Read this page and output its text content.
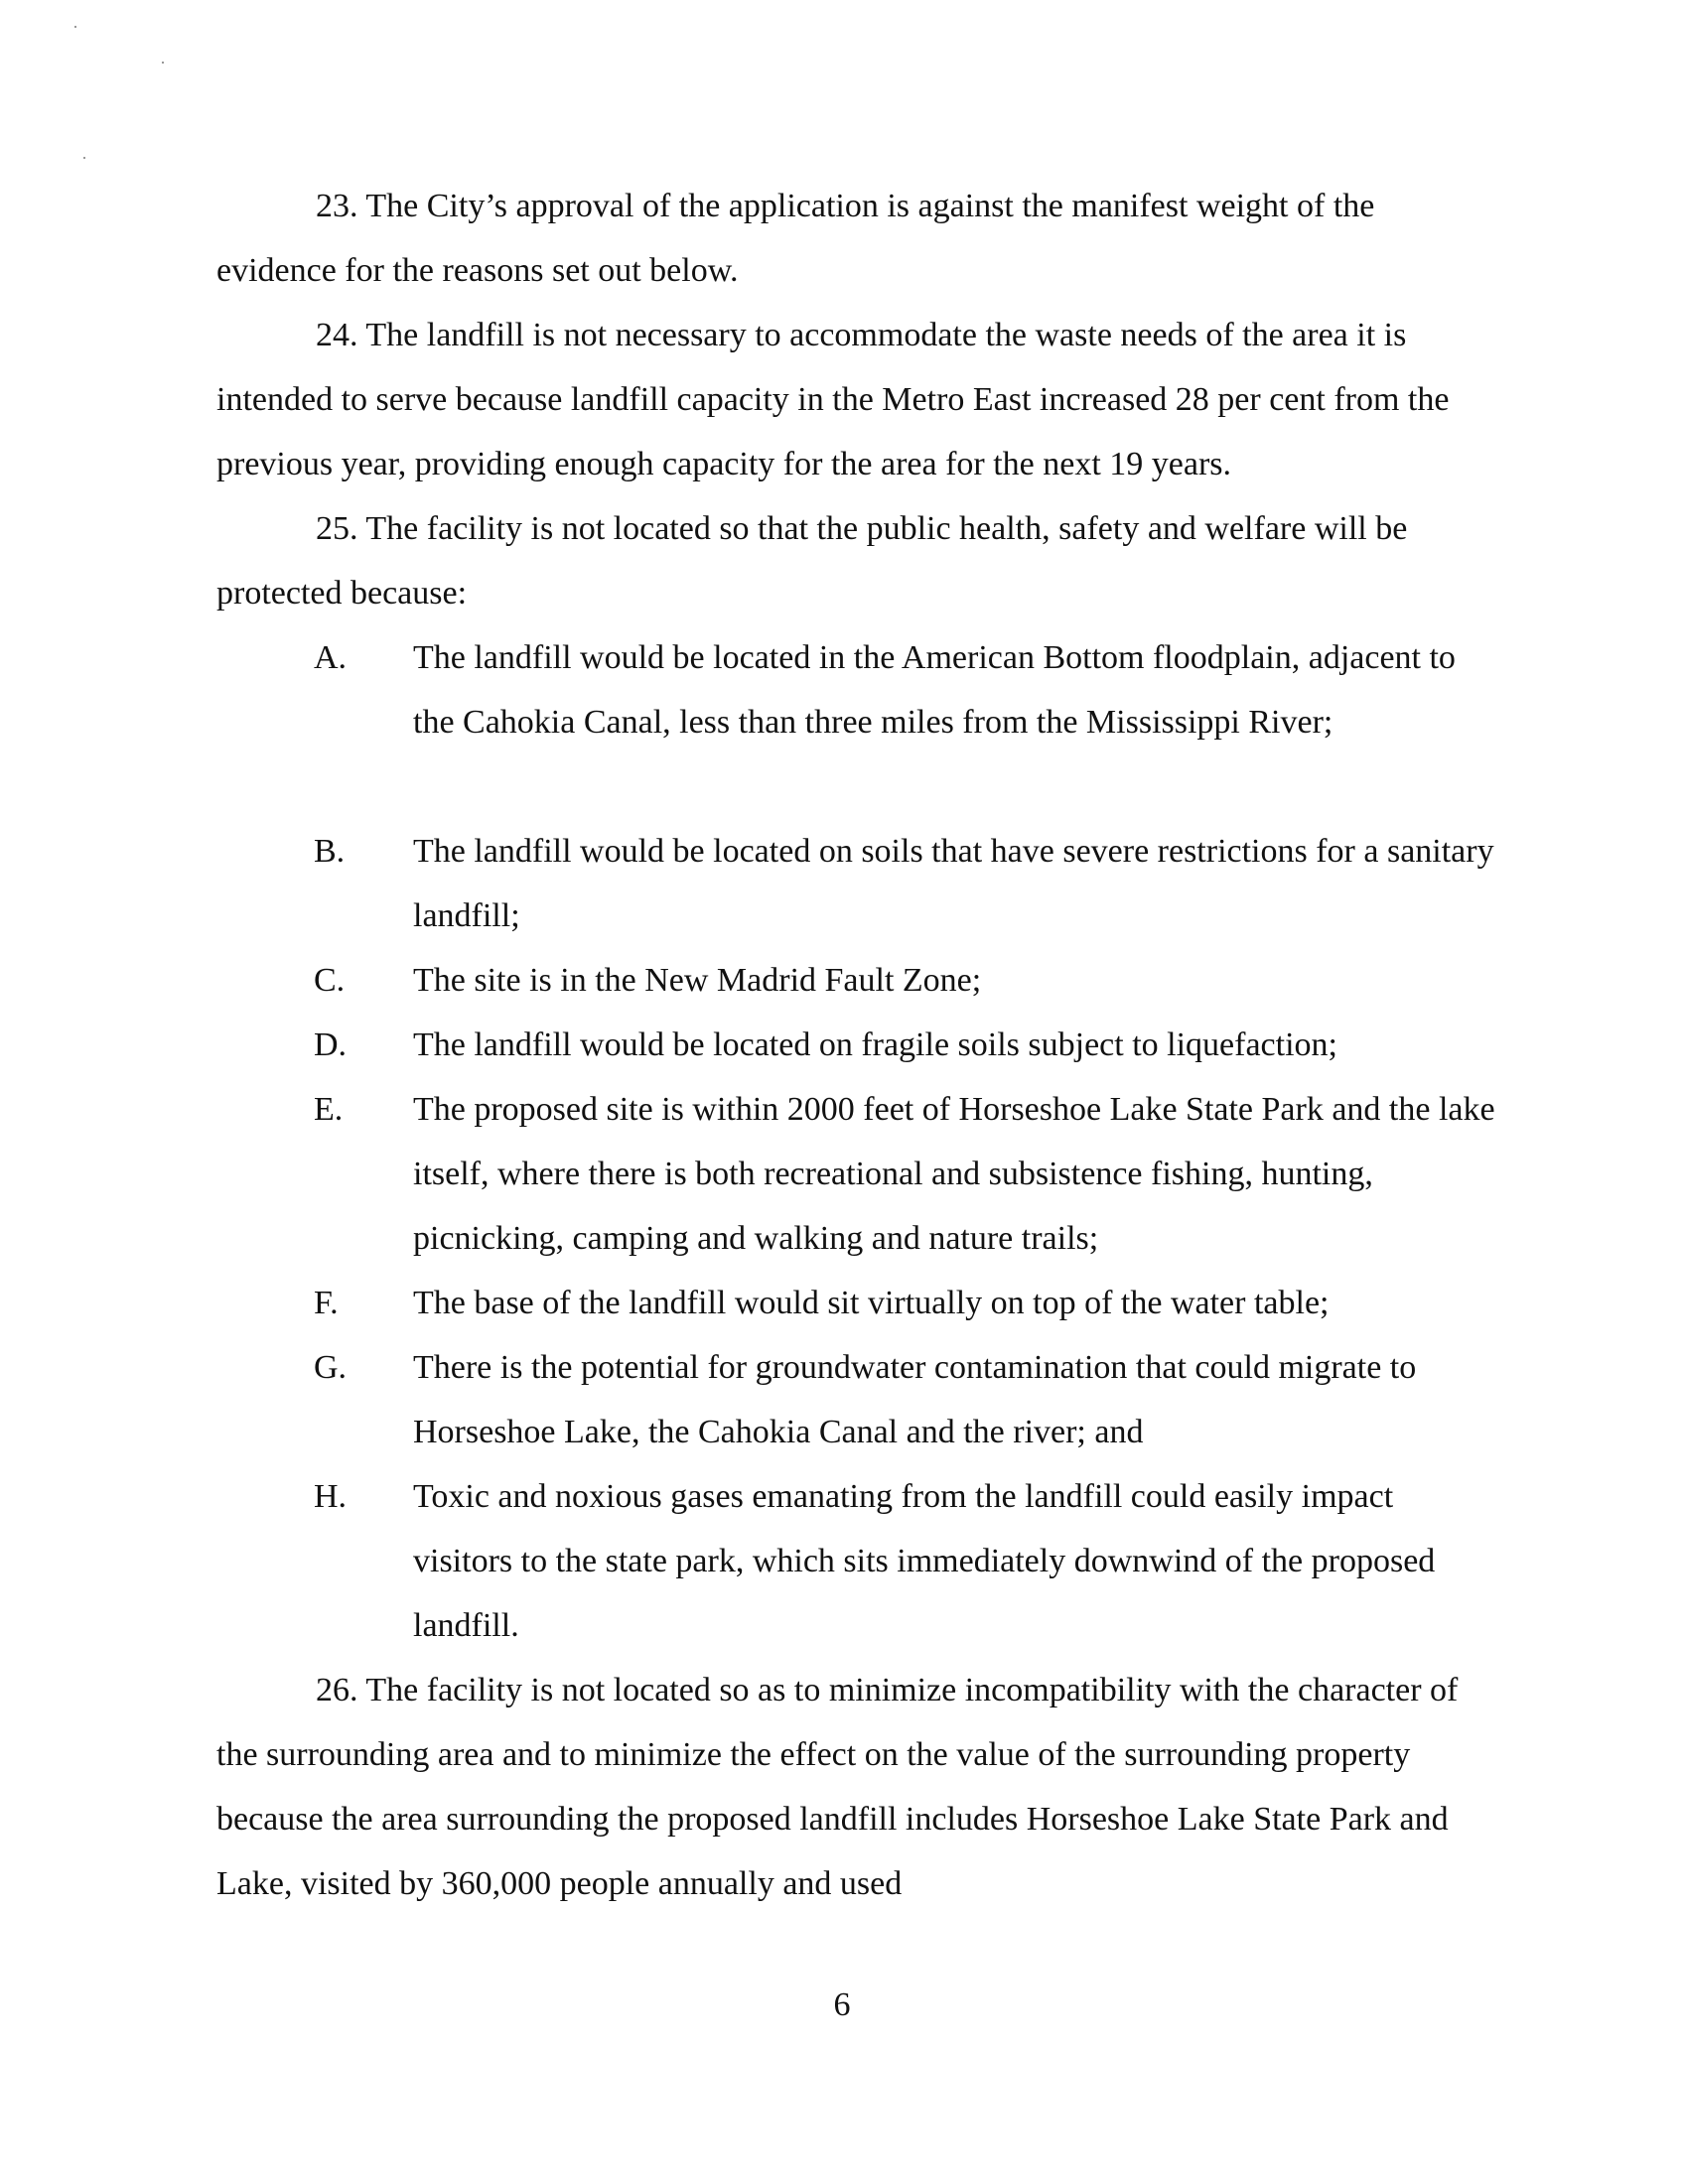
23. The City’s approval of the application is against the manifest weight of the evidence for the reasons set out below.

24. The landfill is not necessary to accommodate the waste needs of the area it is intended to serve because landfill capacity in the Metro East increased 28 per cent from the previous year, providing enough capacity for the area for the next 19 years.

25. The facility is not located so that the public health, safety and welfare will be protected because:

A. The landfill would be located in the American Bottom floodplain, adjacent to the Cahokia Canal, less than three miles from the Mississippi River;
B. The landfill would be located on soils that have severe restrictions for a sanitary landfill;
C. The site is in the New Madrid Fault Zone;
D. The landfill would be located on fragile soils subject to liquefaction;
E. The proposed site is within 2000 feet of Horseshoe Lake State Park and the lake itself, where there is both recreational and subsistence fishing, hunting, picnicking, camping and walking and nature trails;
F. The base of the landfill would sit virtually on top of the water table;
G. There is the potential for groundwater contamination that could migrate to Horseshoe Lake, the Cahokia Canal and the river; and
H. Toxic and noxious gases emanating from the landfill could easily impact visitors to the state park, which sits immediately downwind of the proposed landfill.

26. The facility is not located so as to minimize incompatibility with the character of the surrounding area and to minimize the effect on the value of the surrounding property because the area surrounding the proposed landfill includes Horseshoe Lake State Park and Lake, visited by 360,000 people annually and used

6
